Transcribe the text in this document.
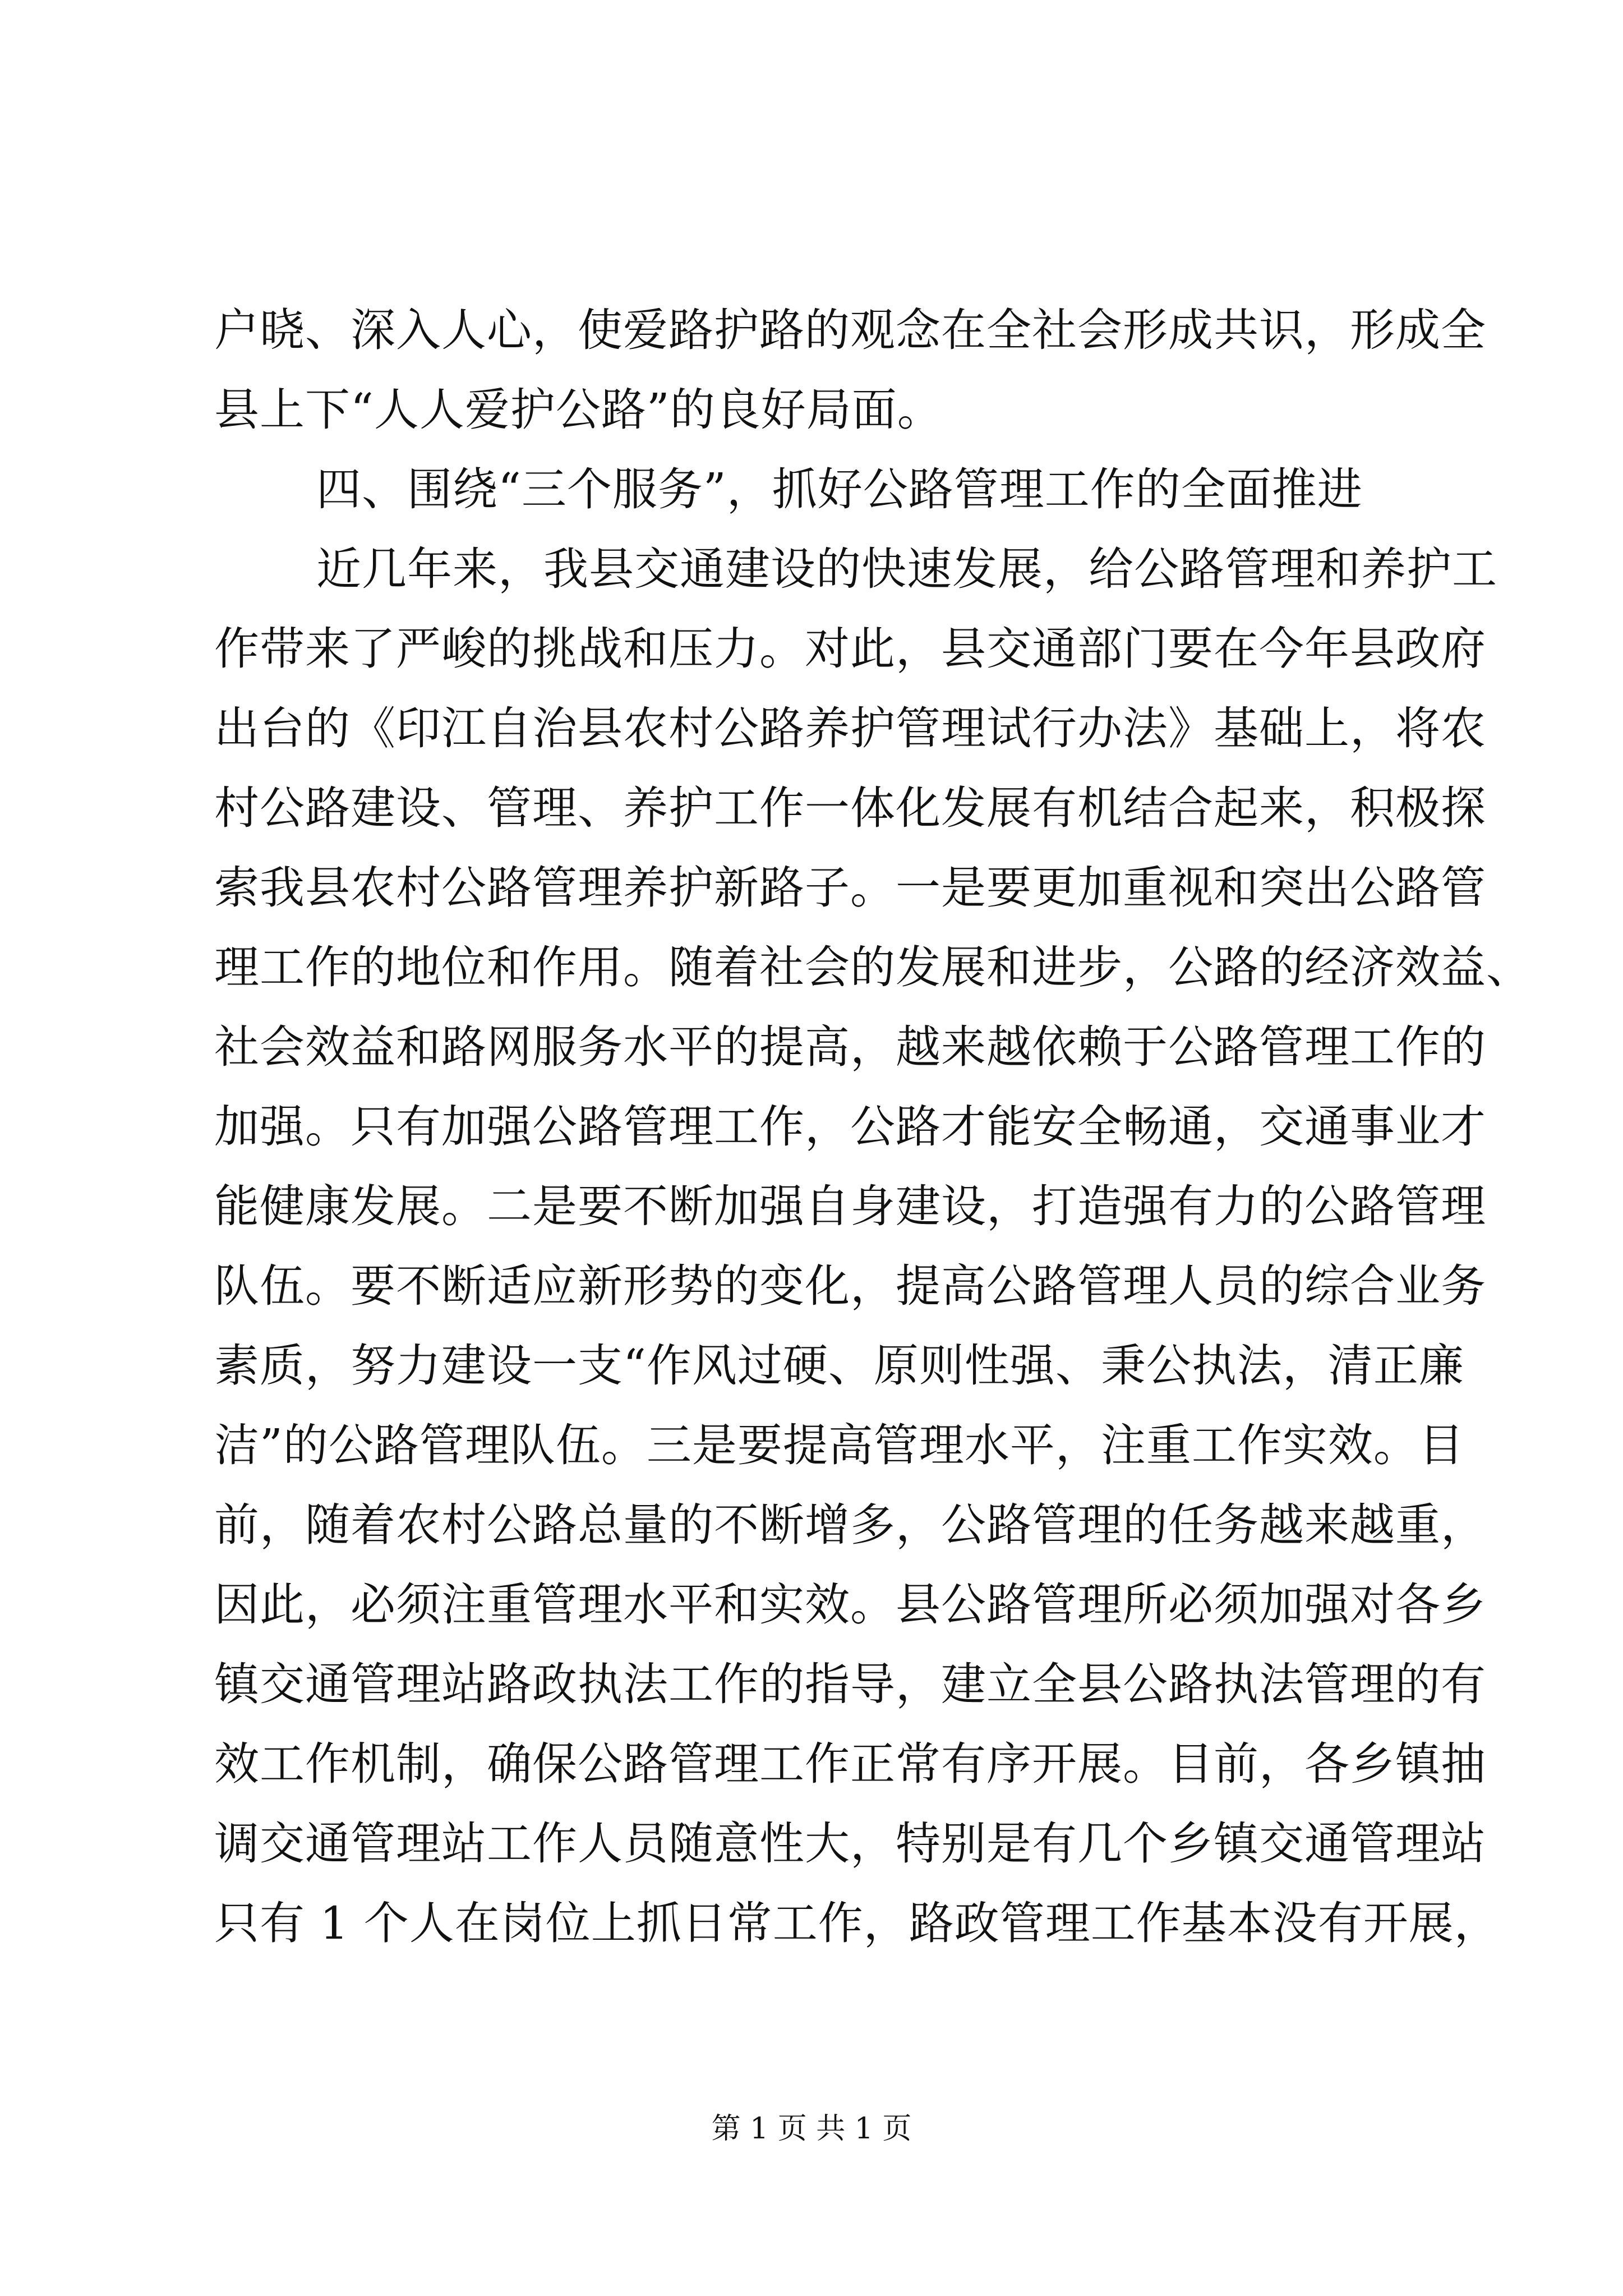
户晓、深入人心，使爱路护路的观念在全社会形成共识，形成全
县上下“人人爱护公路”的良好局面。
四、围绕“三个服务”，抓好公路管理工作的全面推进
近几年来，我县交通建设的快速发展，给公路管理和养护工
作带来了严峻的挑战和压力。对此，县交通部门要在今年县政府
出台的《印江自治县农村公路养护管理试行办法》基础上，将农
村公路建设、管理、养护工作一体化发展有机结合起来，积极探
索我县农村公路管理养护新路子。一是要更加重视和突出公路管
理工作的地位和作用。随着社会的发展和进步，公路的经济效益、
社会效益和路网服务水平的提高，越来越依赖于公路管理工作的
加强。只有加强公路管理工作，公路才能安全畅通，交通事业才
能健康发展。二是要不断加强自身建设，打造强有力的公路管理
队伍。要不断适应新形势的变化，提高公路管理人员的综合业务
素质，努力建设一支“作风过硬、原则性强、秉公执法，清正廉
洁”的公路管理队伍。三是要提高管理水平，注重工作实效。目
前，随着农村公路总量的不断增多，公路管理的任务越来越重，
因此，必须注重管理水平和实效。县公路管理所必须加强对各乡
镇交通管理站路政执法工作的指导，建立全县公路执法管理的有
效工作机制，确保公路管理工作正常有序开展。目前，各乡镇抽
调交通管理站工作人员随意性大，特别是有几个乡镇交通管理站
只有 1 个人在岗位上抓日常工作，路政管理工作基本没有开展，
第 1 页 共 1 页
